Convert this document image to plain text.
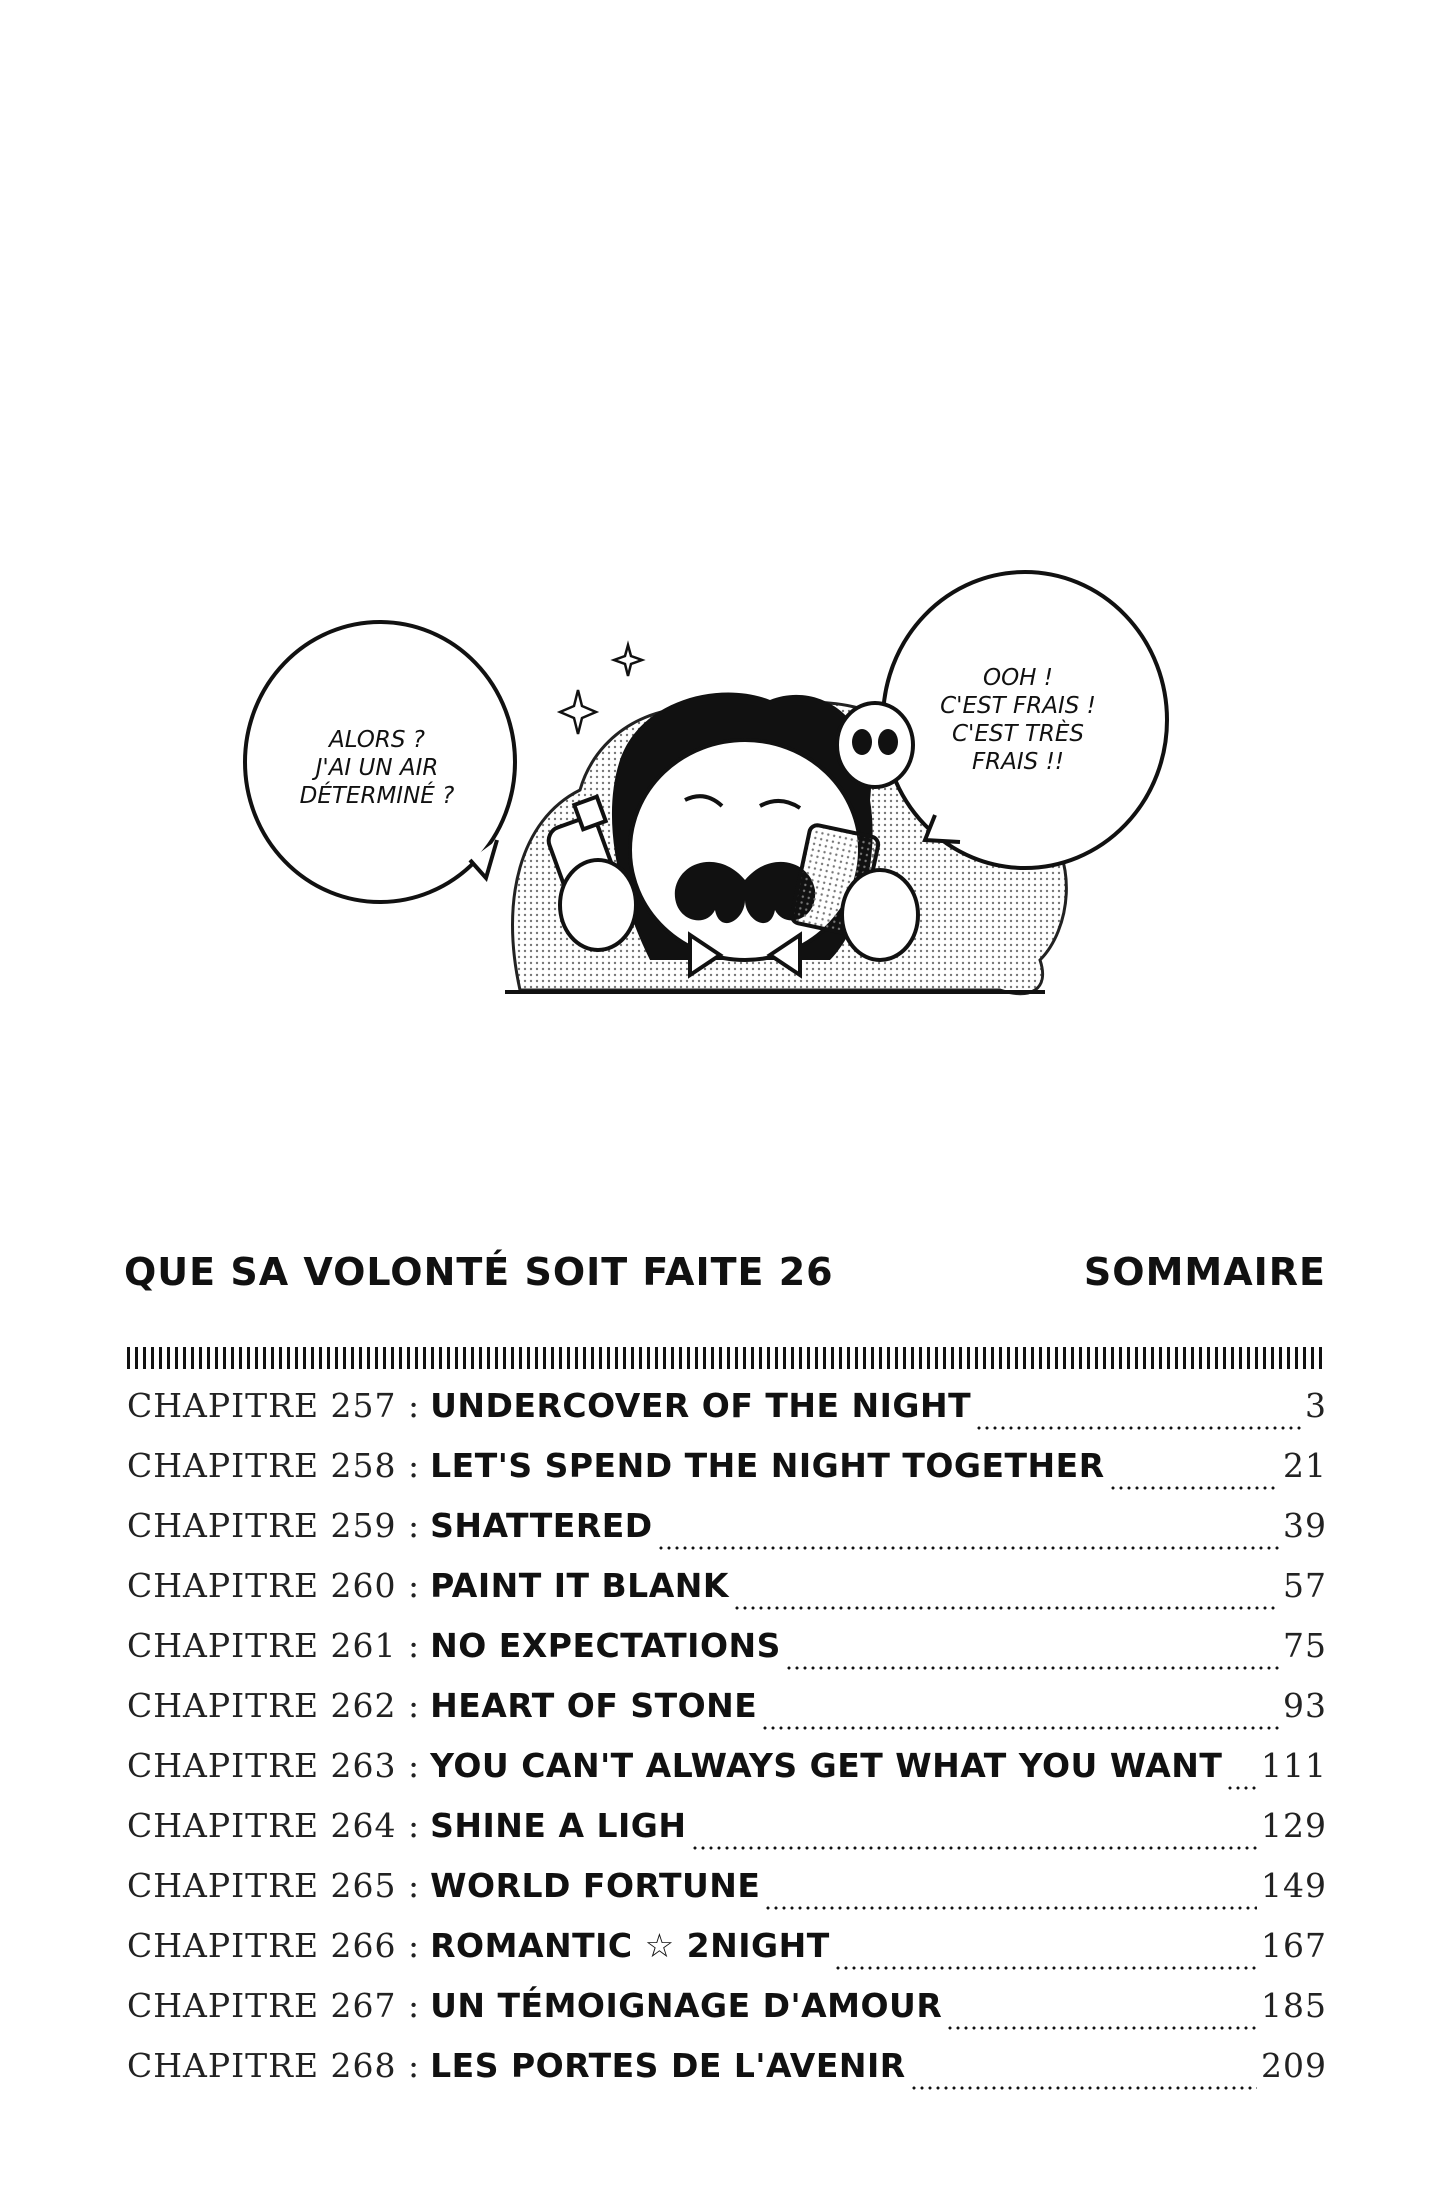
ALORS ?
J'AI UN AIR
DÉTERMINÉ ?
OOH !
C'EST FRAIS !
C'EST TRÈS
FRAIS !!
QUE SA VOLONTÉ SOIT FAITE 26	SOMMAIRE
CHAPITRE 257 : UNDERCOVER OF THE NIGHT	3
CHAPITRE 258 : LET'S SPEND THE NIGHT TOGETHER	21
CHAPITRE 259 : SHATTERED	39
CHAPITRE 260 : PAINT IT BLANK	57
CHAPITRE 261 : NO EXPECTATIONS	75
CHAPITRE 262 : HEART OF STONE	93
CHAPITRE 263 : YOU CAN'T ALWAYS GET WHAT YOU WANT 111
CHAPITRE 264 : SHINE A LIGH	129
CHAPITRE 265 : WORLD FORTUNE	149
CHAPITRE 266 : ROMANTIC ☆ 2NIGHT	167
CHAPITRE 267 : UN TÉMOIGNAGE D'AMOUR	185
CHAPITRE 268 : LES PORTES DE L'AVENIR	209
